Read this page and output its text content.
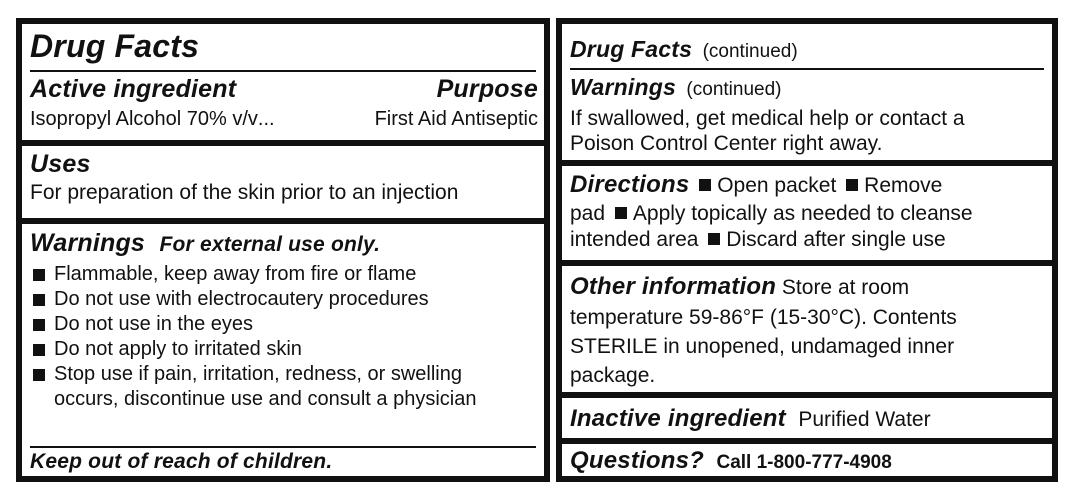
Drug Facts
Active ingredient	Purpose
Isopropyl Alcohol 70% v/v ...	First Aid Antiseptic
Uses
For preparation of the skin prior to an injection
Warnings For external use only.
Flammable, keep away from fire or flame
Do not use with electrocautery procedures
Do not use in the eyes
Do not apply to irritated skin
Stop use if pain, irritation, redness, or swelling occurs, discontinue use and consult a physician
Keep out of reach of children.
Drug Facts (continued)
Warnings (continued)
If swallowed, get medical help or contact a
Poison Control Center right away.
Directions Open packet Remove
pad Apply topically as needed to cleanse
intended area Discard after single use
Other information Store at room
temperature 59-86°F (15-30°C). Contents
STERILE in unopened, undamaged inner
package.
Inactive ingredient Purified Water
Questions? Call 1-800-777-4908
